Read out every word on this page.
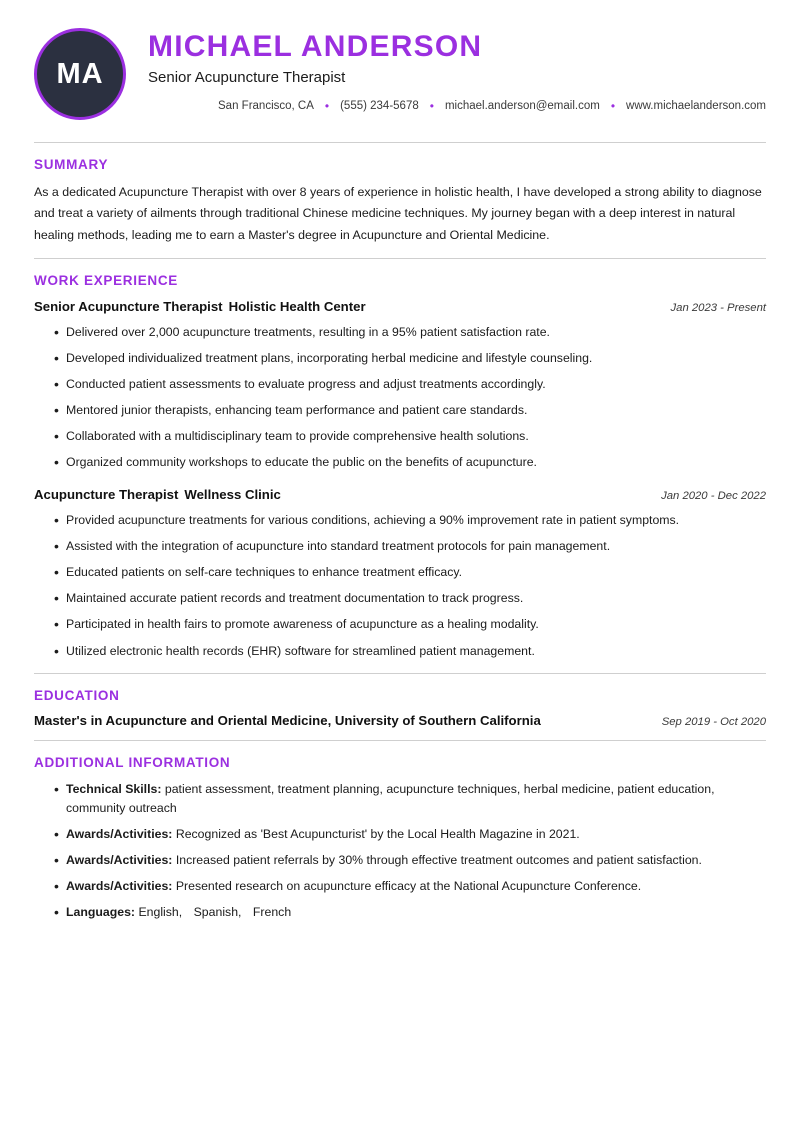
MA
MICHAEL ANDERSON
Senior Acupuncture Therapist
San Francisco, CA • (555) 234-5678 • michael.anderson@email.com • www.michaelanderson.com
SUMMARY

As a dedicated Acupuncture Therapist with over 8 years of experience in holistic health, I have developed a strong ability to diagnose and treat a variety of ailments through traditional Chinese medicine techniques. My journey began with a deep interest in natural healing methods, leading me to earn a Master's degree in Acupuncture and Oriental Medicine.

WORK EXPERIENCE
Senior Acupuncture Therapist Holistic Health Center	Jan 2023 - Present
• Delivered over 2,000 acupuncture treatments, resulting in a 95% patient satisfaction rate.
• Developed individualized treatment plans, incorporating herbal medicine and lifestyle counseling.
• Conducted patient assessments to evaluate progress and adjust treatments accordingly.
• Mentored junior therapists, enhancing team performance and patient care standards.
• Collaborated with a multidisciplinary team to provide comprehensive health solutions.
• Organized community workshops to educate the public on the benefits of acupuncture.
Acupuncture Therapist Wellness Clinic	Jan 2020 - Dec 2022
• Provided acupuncture treatments for various conditions, achieving a 90% improvement rate in patient symptoms.
• Assisted with the integration of acupuncture into standard treatment protocols for pain management.
• Educated patients on self-care techniques to enhance treatment efficacy.
• Maintained accurate patient records and treatment documentation to track progress.
• Participated in health fairs to promote awareness of acupuncture as a healing modality.
• Utilized electronic health records (EHR) software for streamlined patient management.
EDUCATION
Master's in Acupuncture and Oriental Medicine, University of Southern California	Sep 2019 - Oct 2020
ADDITIONAL INFORMATION
• Technical Skills: patient assessment, treatment planning, acupuncture techniques, herbal medicine, patient education, community outreach
• Awards/Activities: Recognized as 'Best Acupuncturist' by the Local Health Magazine in 2021.
• Awards/Activities: Increased patient referrals by 30% through effective treatment outcomes and patient satisfaction.
• Awards/Activities: Presented research on acupuncture efficacy at the National Acupuncture Conference.
• Languages: English, Spanish, French
